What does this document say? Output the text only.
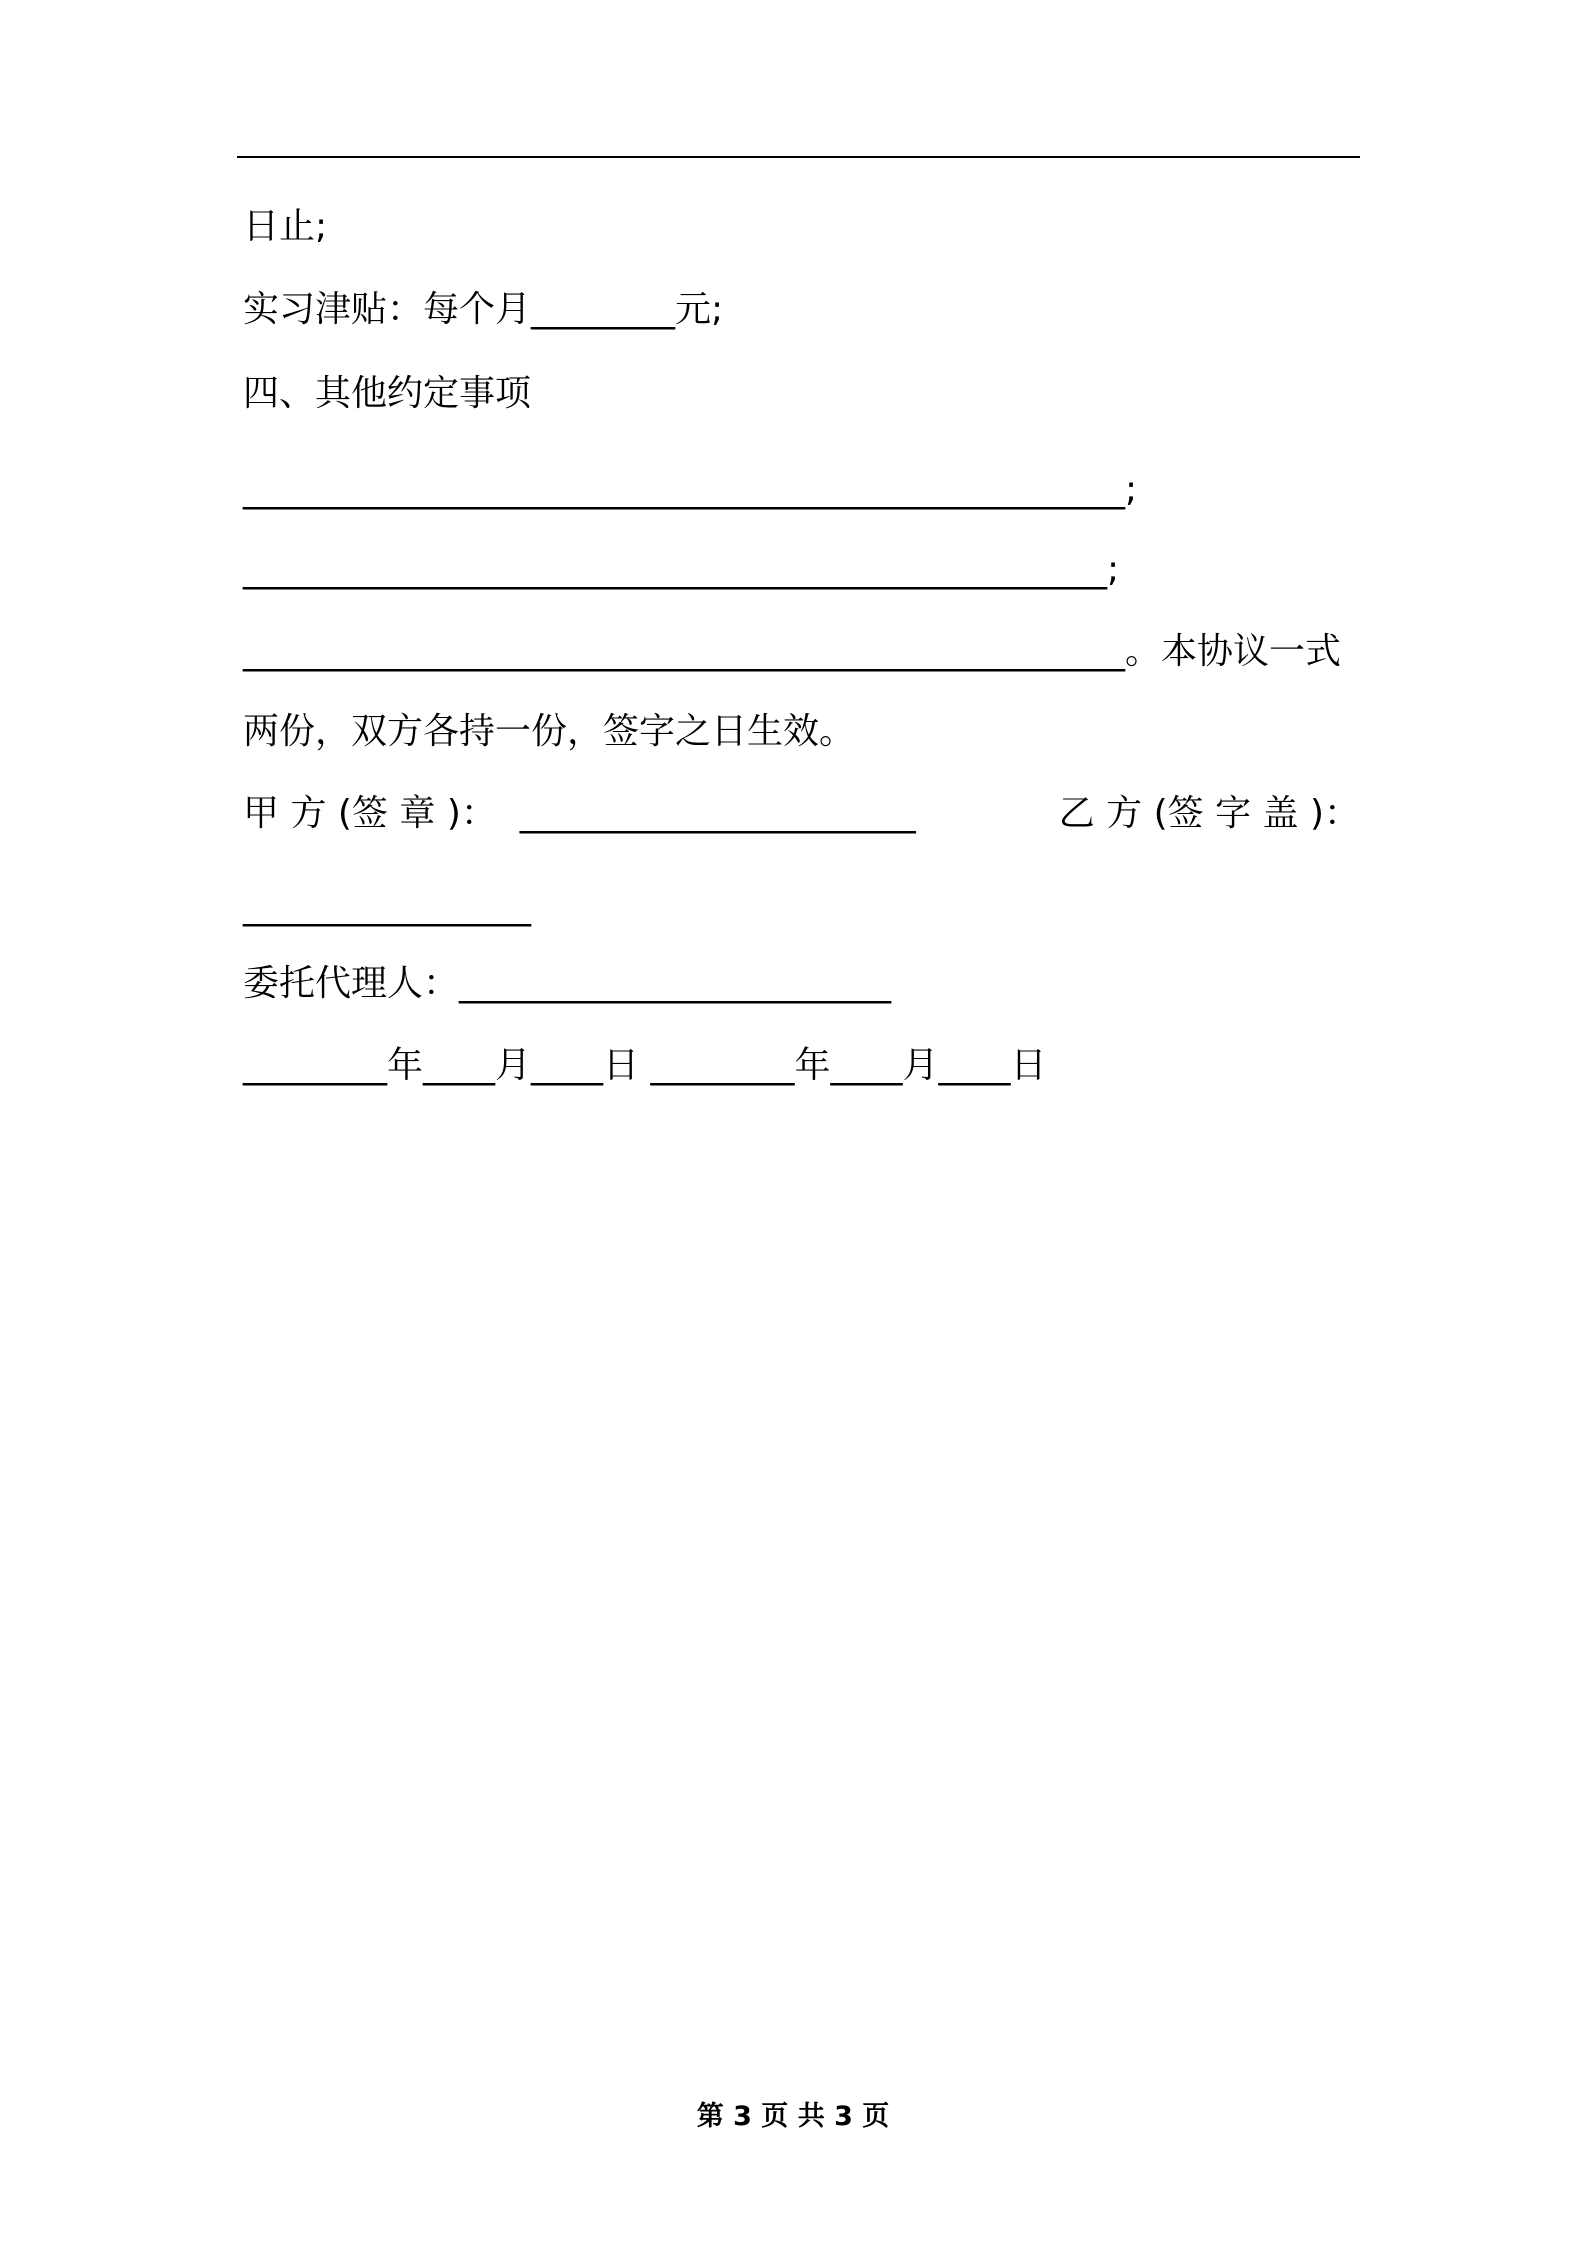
日止;
实习津贴：每个月________元;
四、其他约定事项
_________________________________________________;
________________________________________________;
_________________________________________________。本协议一式
两份，双方各持一份，签字之日生效。
甲 方 (签 章 )：  ______________________	乙 方 (签 字 盖 )：
________________
委托代理人：________________________
________年____月____日 ________年____月____日
第 3 页 共 3 页
